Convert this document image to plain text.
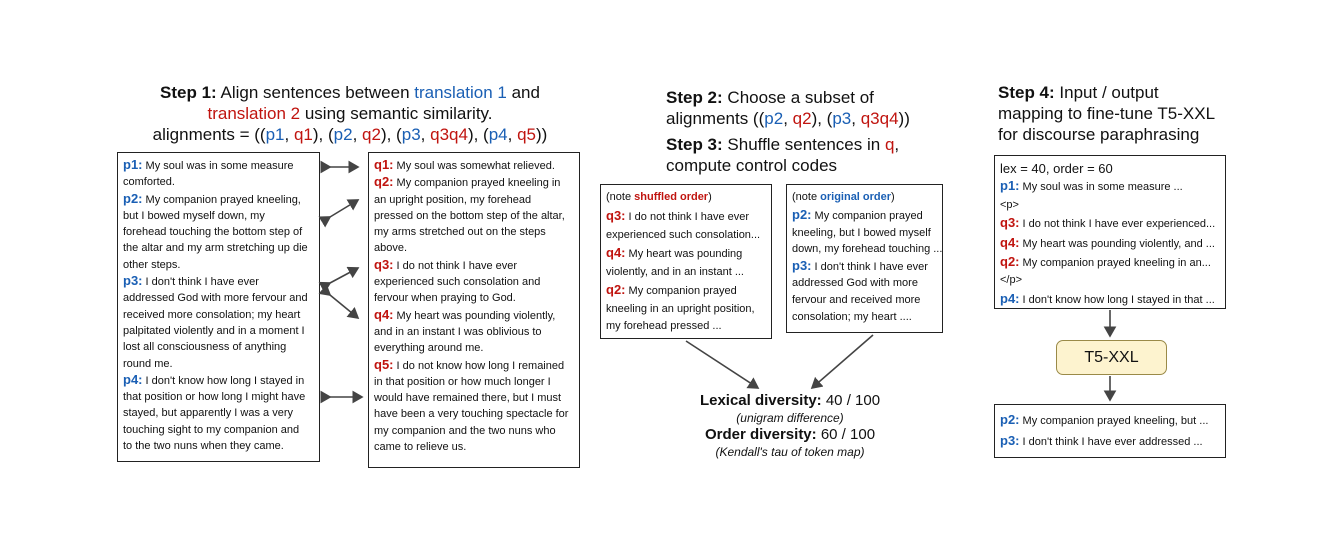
Step 1: Align sentences between translation 1 and
translation 2 using semantic similarity.
alignments = ((p1, q1), (p2, q2), (p3, q3q4), (p4, q5))
p1: My soul was in some measure
comforted.
p2: My companion prayed kneeling,
but I bowed myself down, my
forehead touching the bottom step of
the altar and my arm stretching up die
other steps.
p3: I don't think I have ever
addressed God with more fervour and
received more consolation; my heart
palpitated violently and in a moment I
lost all consciousness of anything
round me.
p4: I don't know how long I stayed in
that position or how long I might have
stayed, but apparently I was a very
touching sight to my companion and
to the two nuns when they came.
q1: My soul was somewhat relieved.
q2: My companion prayed kneeling in
an upright position, my forehead
pressed on the bottom step of the altar,
my arms stretched out on the steps
above.
q3: I do not think I have ever
experienced such consolation and
fervour when praying to God.
q4: My heart was pounding violently,
and in an instant I was oblivious to
everything around me.
q5: I do not know how long I remained
in that position or how much longer I
would have remained there, but I must
have been a very touching spectacle for
my companion and the two nuns who
came to relieve us.
Step 2: Choose a subset of
alignments ((p2, q2), (p3, q3q4))
Step 3: Shuffle sentences in q,
compute control codes
(note shuffled order)
q3: I do not think I have ever
experienced such consolation...
q4: My heart was pounding
violently, and in an instant ...
q2: My companion prayed
kneeling in an upright position,
my forehead pressed ...
(note original order)
p2: My companion prayed
kneeling, but I bowed myself
down, my forehead touching ...
p3: I don't think I have ever
addressed God with more
fervour and received more
consolation; my heart ....
Lexical diversity: 40 / 100
(unigram difference)
Order diversity: 60 / 100
(Kendall's tau of token map)
Step 4: Input / output
mapping to fine-tune T5-XXL
for discourse paraphrasing
lex = 40, order = 60
p1: My soul was in some measure ...
<p>
q3: I do not think I have ever experienced...
q4: My heart was pounding violently, and ...
q2: My companion prayed kneeling in an...
</p>
p4: I don't know how long I stayed in that ...
T5-XXL
p2: My companion prayed kneeling, but ...
p3: I don't think I have ever addressed ...
